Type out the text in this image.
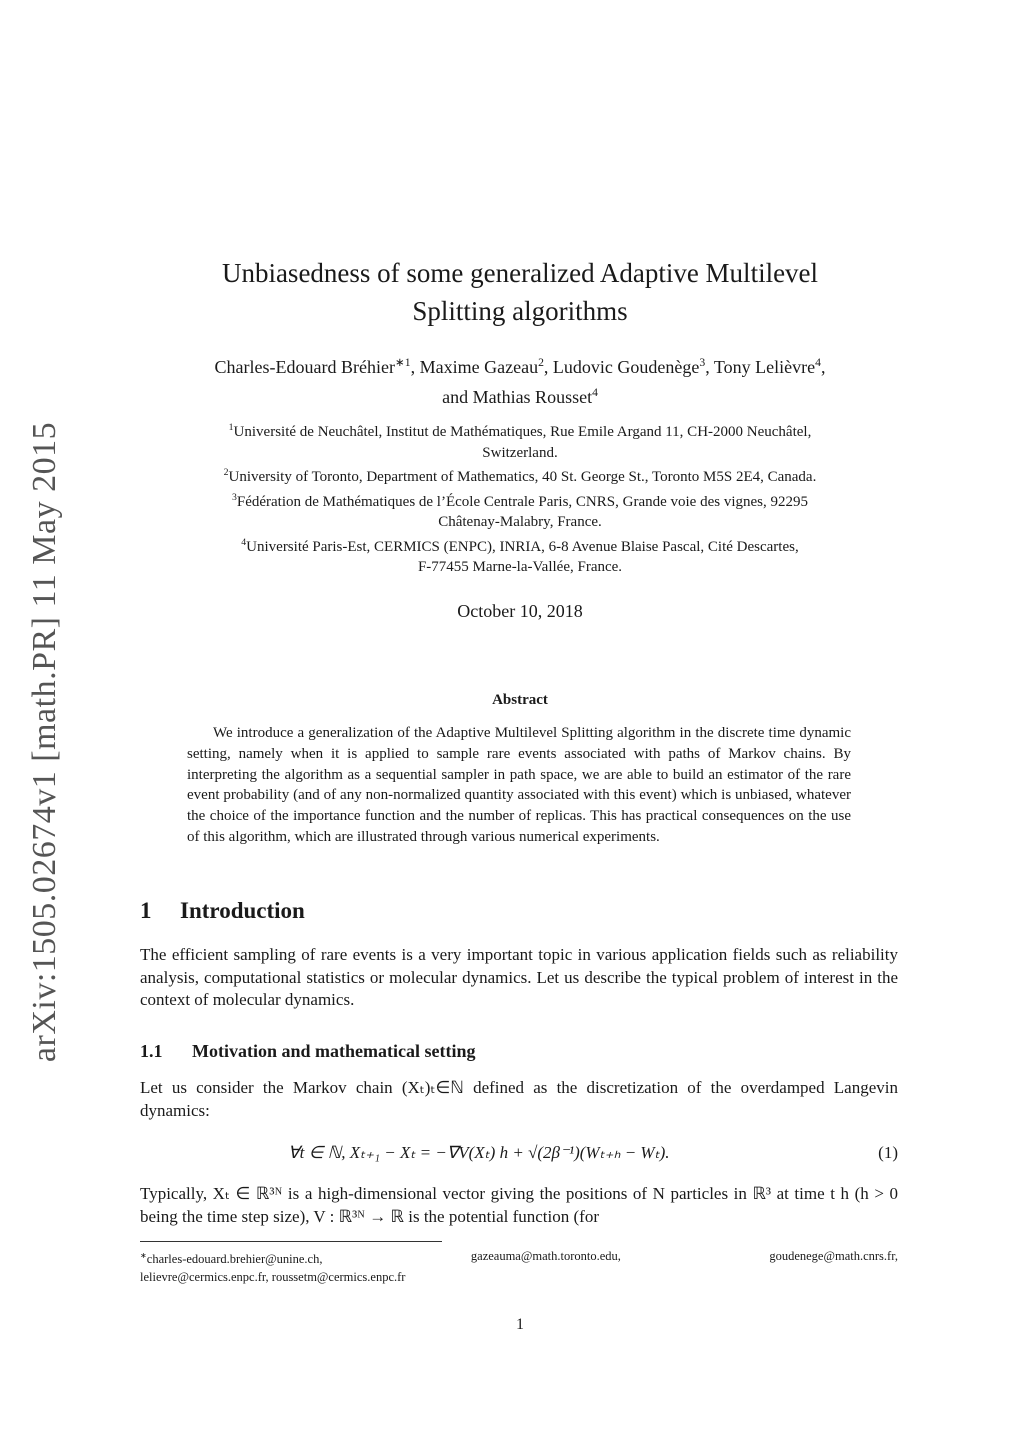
arXiv:1505.02674v1 [math.PR] 11 May 2015
Unbiasedness of some generalized Adaptive Multilevel
Splitting algorithms
Charles-Edouard Bréhier$^{∗1}$, Maxime Gazeau$^2$, Ludovic Goudenège$^3$, Tony Lelièvre$^4$,
and Mathias Rousset$^4$
$^1$Université de Neuchâtel, Institut de Mathématiques, Rue Emile Argand 11, CH-2000 Neuchâtel,
Switzerland.
$^2$University of Toronto, Department of Mathematics, 40 St. George St., Toronto M5S 2E4, Canada.
$^3$Fédération de Mathématiques de l’École Centrale Paris, CNRS, Grande voie des vignes, 92295
Châtenay-Malabry, France.
$^4$Université Paris-Est, CERMICS (ENPC), INRIA, 6-8 Avenue Blaise Pascal, Cité Descartes,
F-77455 Marne-la-Vallée, France.
October 10, 2018
Abstract
We introduce a generalization of the Adaptive Multilevel Splitting algorithm in the discrete time dynamic setting, namely when it is applied to sample rare events associated with paths of Markov chains. By interpreting the algorithm as a sequential sampler in path space, we are able to build an estimator of the rare event probability (and of any non-normalized quantity associated with this event) which is unbiased, whatever the choice of the importance function and the number of replicas. This has practical consequences on the use of this algorithm, which are illustrated through various numerical experiments.
1 Introduction
The efficient sampling of rare events is a very important topic in various application fields such as reliability analysis, computational statistics or molecular dynamics. Let us describe the typical problem of interest in the context of molecular dynamics.
1.1 Motivation and mathematical setting
Let us consider the Markov chain (Xₜ)ₜ∈ℕ defined as the discretization of the overdamped Langevin dynamics:
∀t ∈ ℕ, Xₜ₊₁ − Xₜ = −∇V(Xₜ) h + √(2β⁻¹)(Wₜ₊ₕ − Wₜ).	(1)
Typically, Xₜ ∈ ℝ³ᴺ is a high-dimensional vector giving the positions of N particles in ℝ³ at time t h (h > 0 being the time step size), V : ℝ³ᴺ → ℝ is the potential function (for
∗charles-edouard.brehier@unine.ch,	gazeauma@math.toronto.edu,	goudenege@math.cnrs.fr,
lelievre@cermics.enpc.fr, roussetm@cermics.enpc.fr
1
